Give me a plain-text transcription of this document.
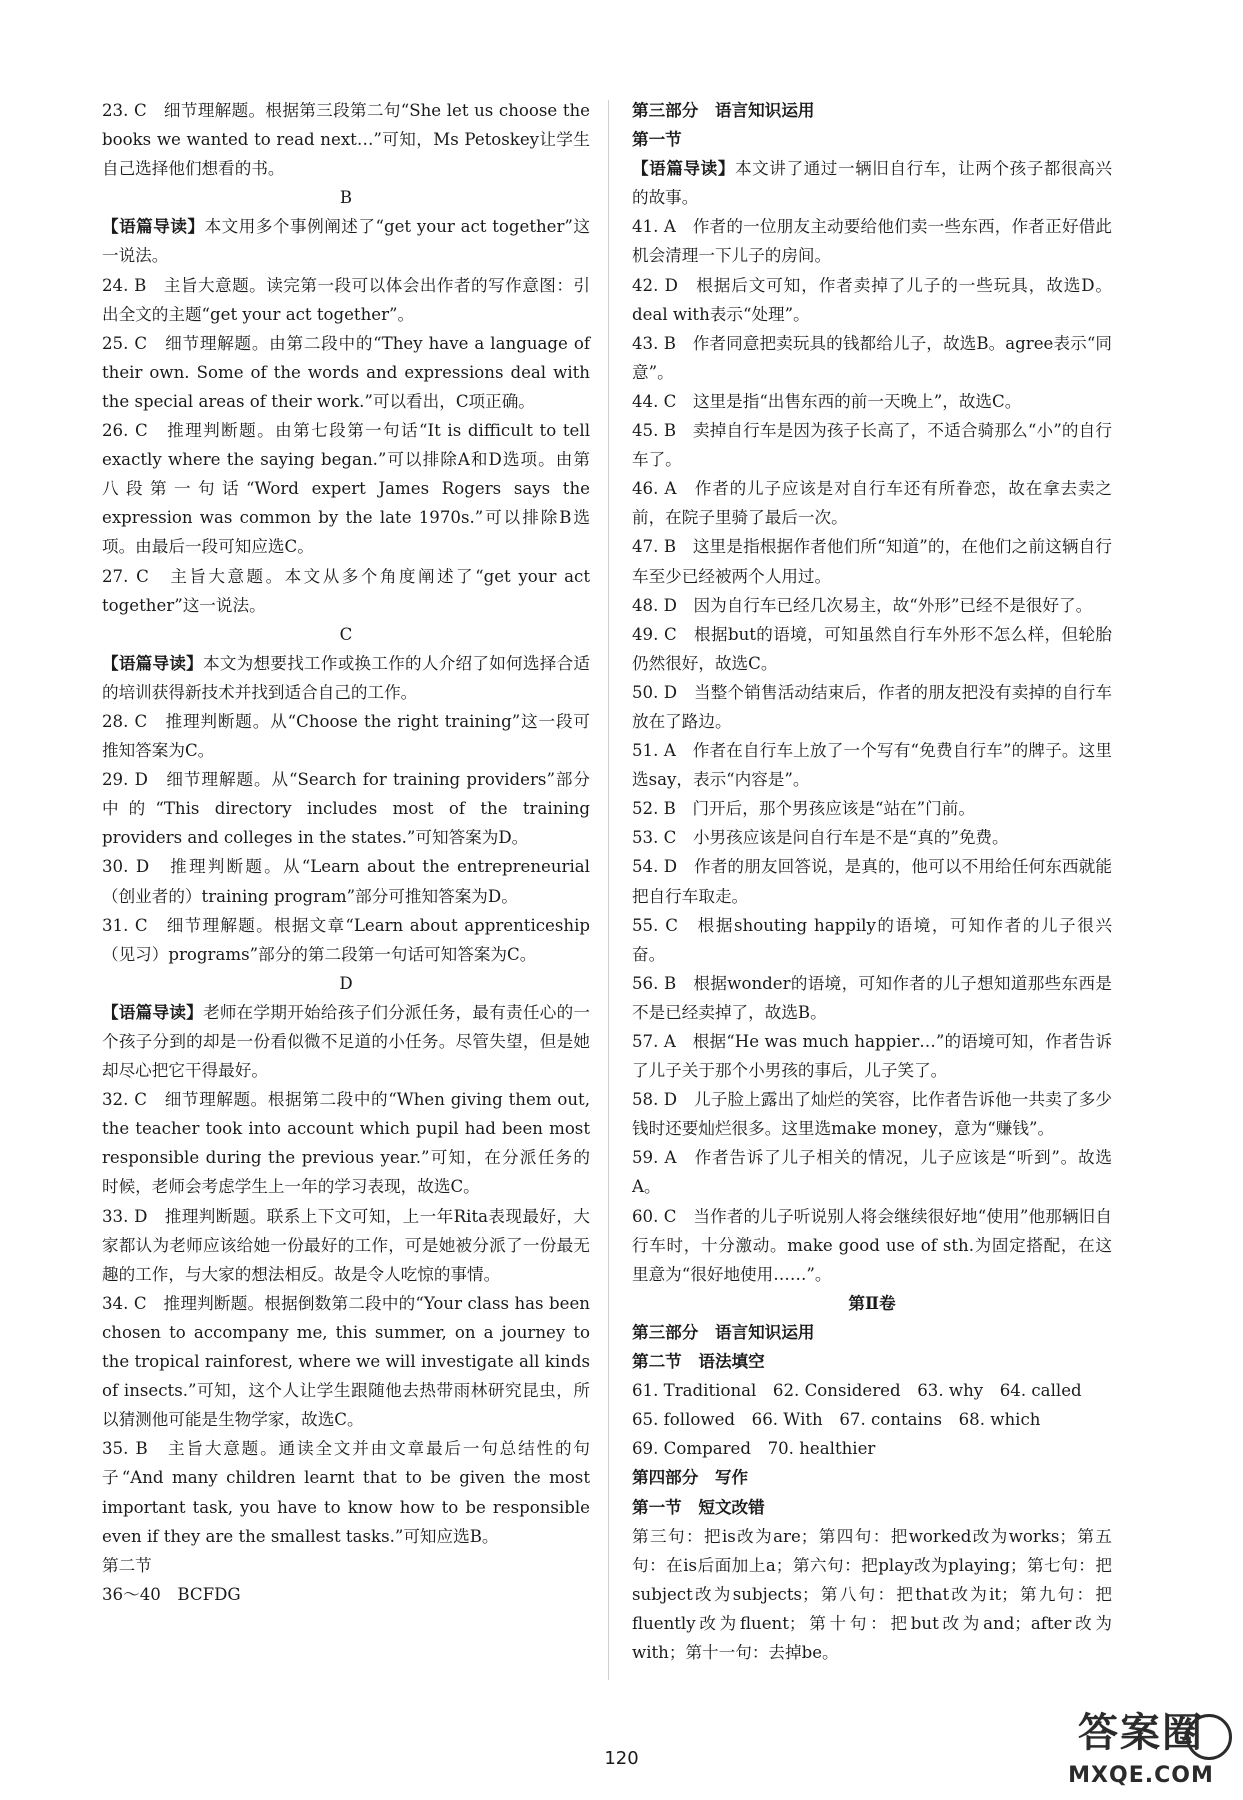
23. C　细节理解题。根据第三段第二句“She let us choose the books we wanted to read next…”可知，Ms Petoskey让学生自己选择他们想看的书。
B
【语篇导读】本文用多个事例阐述了“get your act together”这一说法。
24. B　主旨大意题。读完第一段可以体会出作者的写作意图：引出全文的主题“get your act together”。
25. C　细节理解题。由第二段中的“They have a language of their own. Some of the words and expressions deal with the special areas of their work.”可以看出，C项正确。
26. C　推理判断题。由第七段第一句话“It is difficult to tell exactly where the saying began.”可以排除A和D选项。由第八段第一句话“Word expert James Rogers says the expression was common by the late 1970s.”可以排除B选项。由最后一段可知应选C。
27. C　主旨大意题。本文从多个角度阐述了“get your act together”这一说法。
C
【语篇导读】本文为想要找工作或换工作的人介绍了如何选择合适的培训获得新技术并找到适合自己的工作。
28. C　推理判断题。从“Choose the right training”这一段可推知答案为C。
29. D　细节理解题。从“Search for training providers”部分中的“This directory includes most of the training providers and colleges in the states.”可知答案为D。
30. D　推理判断题。从“Learn about the entrepreneurial（创业者的）training program”部分可推知答案为D。
31. C　细节理解题。根据文章“Learn about apprenticeship（见习）programs”部分的第二段第一句话可知答案为C。
D
【语篇导读】老师在学期开始给孩子们分派任务，最有责任心的一个孩子分到的却是一份看似微不足道的小任务。尽管失望，但是她却尽心把它干得最好。
32. C　细节理解题。根据第二段中的“When giving them out, the teacher took into account which pupil had been most responsible during the previous year.”可知，在分派任务的时候，老师会考虑学生上一年的学习表现，故选C。
33. D　推理判断题。联系上下文可知，上一年Rita表现最好，大家都认为老师应该给她一份最好的工作，可是她被分派了一份最无趣的工作，与大家的想法相反。故是令人吃惊的事情。
34. C　推理判断题。根据倒数第二段中的“Your class has been chosen to accompany me, this summer, on a journey to the tropical rainforest, where we will investigate all kinds of insects.”可知，这个人让学生跟随他去热带雨林研究昆虫，所以猜测他可能是生物学家，故选C。
35. B　主旨大意题。通读全文并由文章最后一句总结性的句子“And many children learnt that to be given the most important task, you have to know how to be responsible even if they are the smallest tasks.”可知应选B。
第二节
36～40　BCFDG
第三部分　语言知识运用
第一节
【语篇导读】本文讲了通过一辆旧自行车，让两个孩子都很高兴的故事。
41. A　作者的一位朋友主动要给他们卖一些东西，作者正好借此机会清理一下儿子的房间。
42. D　根据后文可知，作者卖掉了儿子的一些玩具，故选D。deal with表示“处理”。
43. B　作者同意把卖玩具的钱都给儿子，故选B。agree表示“同意”。
44. C　这里是指“出售东西的前一天晚上”，故选C。
45. B　卖掉自行车是因为孩子长高了，不适合骑那么“小”的自行车了。
46. A　作者的儿子应该是对自行车还有所眷恋，故在拿去卖之前，在院子里骑了最后一次。
47. B　这里是指根据作者他们所“知道”的，在他们之前这辆自行车至少已经被两个人用过。
48. D　因为自行车已经几次易主，故“外形”已经不是很好了。
49. C　根据but的语境，可知虽然自行车外形不怎么样，但轮胎仍然很好，故选C。
50. D　当整个销售活动结束后，作者的朋友把没有卖掉的自行车放在了路边。
51. A　作者在自行车上放了一个写有“免费自行车”的牌子。这里选say，表示“内容是”。
52. B　门开后，那个男孩应该是“站在”门前。
53. C　小男孩应该是问自行车是不是“真的”免费。
54. D　作者的朋友回答说，是真的，他可以不用给任何东西就能把自行车取走。
55. C　根据shouting happily的语境，可知作者的儿子很兴奋。
56. B　根据wonder的语境，可知作者的儿子想知道那些东西是不是已经卖掉了，故选B。
57. A　根据“He was much happier…”的语境可知，作者告诉了儿子关于那个小男孩的事后，儿子笑了。
58. D　儿子脸上露出了灿烂的笑容，比作者告诉他一共卖了多少钱时还要灿烂很多。这里选make money，意为“赚钱”。
59. A　作者告诉了儿子相关的情况，儿子应该是“听到”。故选A。
60. C　当作者的儿子听说别人将会继续很好地“使用”他那辆旧自行车时，十分激动。make good use of sth.为固定搭配，在这里意为“很好地使用……”。
第Ⅱ卷
第三部分　语言知识运用
第二节　语法填空
61. Traditional　62. Considered　63. why　64. called
65. followed　66. With　67. contains　68. which
69. Compared　70. healthier
第四部分　写作
第一节　短文改错
第三句：把is改为are；第四句：把worked改为works；第五句：在is后面加上a；第六句：把play改为playing；第七句：把subject改为subjects；第八句：把that改为it；第九句：把fluently改为fluent；第十句：把but改为and；after改为with；第十一句：去掉be。
120
答案圈
MXQE.COM
